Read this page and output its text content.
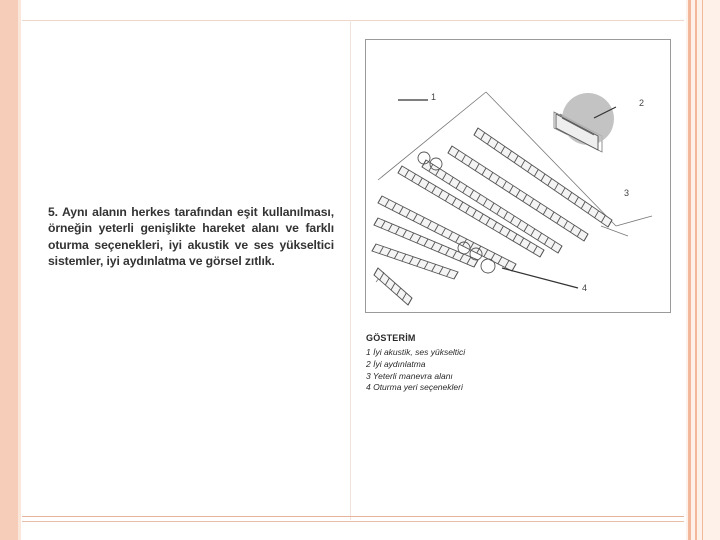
5. Aynı alanın herkes tarafından eşit kullanılması, örneğin yeterli genişlikte hareket alanı ve farklı oturma seçenekleri, iyi akustik ve ses yükseltici sistemler, iyi aydınlatma ve görsel zıtlık.
1
2
3
4
GÖSTERİM
1 İyi akustik, ses yükseltici
2 İyi aydınlatma
3 Yeterli manevra alanı
4 Oturma yeri seçenekleri
